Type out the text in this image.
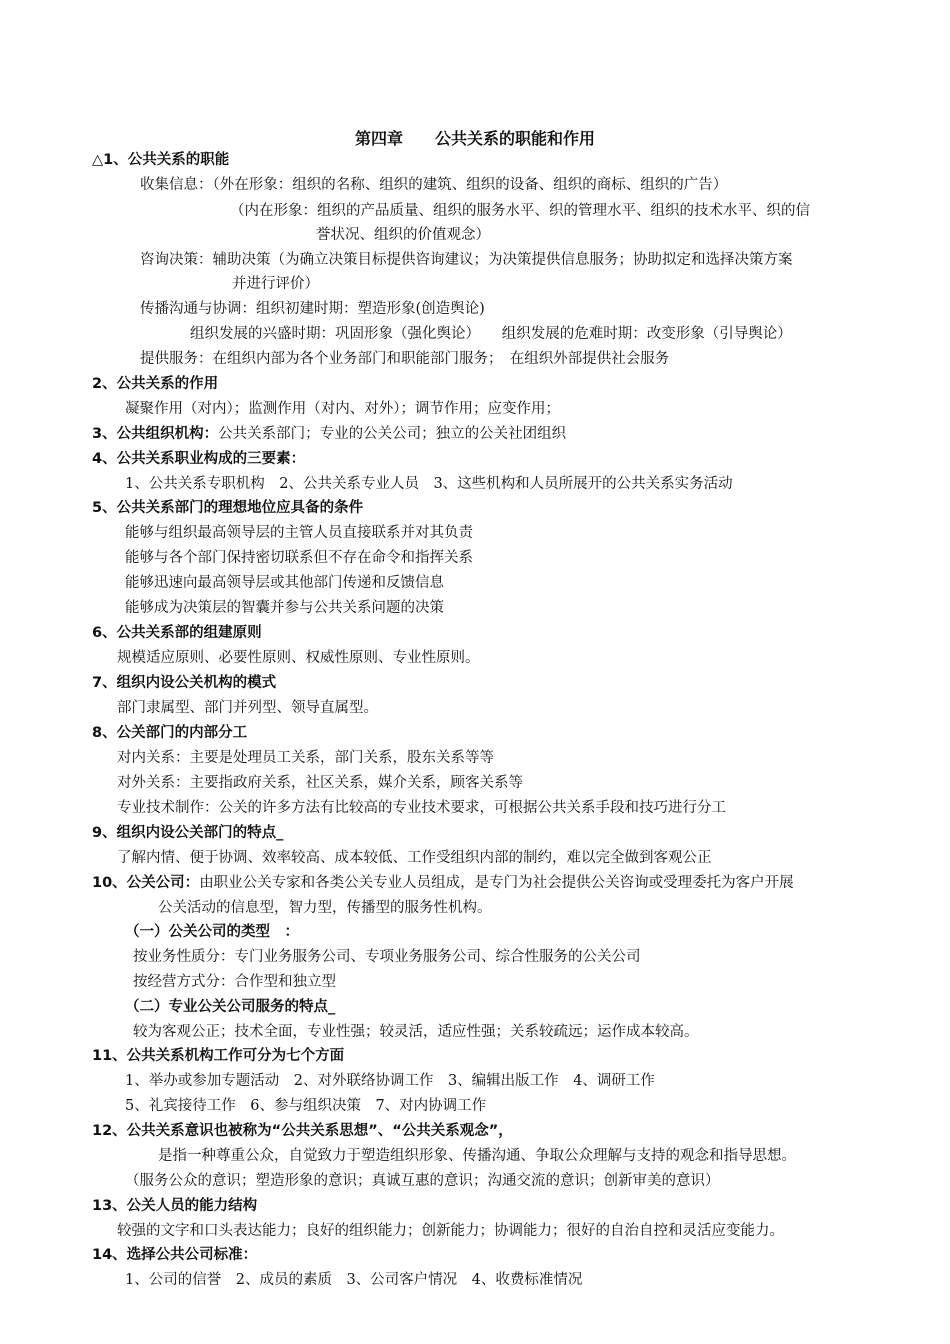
第四章　　公共关系的职能和作用
△1、公共关系的职能
收集信息：（外在形象：组织的名称、组织的建筑、组织的设备、组织的商标、组织的广告）
（内在形象：组织的产品质量、组织的服务水平、织的管理水平、组织的技术水平、织的信
誉状况、组织的价值观念）
咨询决策：辅助决策（为确立决策目标提供咨询建议；为决策提供信息服务；协助拟定和选择决策方案
并进行评价）
传播沟通与协调：组织初建时期：塑造形象(创造舆论)
组织发展的兴盛时期：巩固形象（强化舆论）　　组织发展的危难时期：改变形象（引导舆论）
提供服务：在组织内部为各个业务部门和职能部门服务；　在组织外部提供社会服务
2、公共关系的作用
凝聚作用（对内）；监测作用（对内、对外）；调节作用；应变作用；
3、公共组织机构：公共关系部门；专业的公关公司；独立的公关社团组织
4、公共关系职业构成的三要素：
1、公共关系专职机构　2、公共关系专业人员　3、这些机构和人员所展开的公共关系实务活动
5、公共关系部门的理想地位应具备的条件
能够与组织最高领导层的主管人员直接联系并对其负责
能够与各个部门保持密切联系但不存在命令和指挥关系
能够迅速向最高领导层或其他部门传递和反馈信息
能够成为决策层的智囊并参与公共关系问题的决策
6、公共关系部的组建原则
规模适应原则、必要性原则、权威性原则、专业性原则。
7、组织内设公关机构的模式
部门隶属型、部门并列型、领导直属型。
8、公关部门的内部分工
对内关系：主要是处理员工关系，部门关系，股东关系等等
对外关系：主要指政府关系，社区关系，媒介关系，顾客关系等
专业技术制作：公关的许多方法有比较高的专业技术要求，可根据公共关系手段和技巧进行分工
9、组织内设公关部门的特点_
了解内情、便于协调、效率较高、成本较低、工作受组织内部的制约，难以完全做到客观公正
10、公关公司：由职业公关专家和各类公关专业人员组成，是专门为社会提供公关咨询或受理委托为客户开展
公关活动的信息型，智力型，传播型的服务性机构。
（一）公关公司的类型　：
按业务性质分：专门业务服务公司、专项业务服务公司、综合性服务的公关公司
按经营方式分：合作型和独立型
（二）专业公关公司服务的特点_
较为客观公正；技术全面，专业性强；较灵活，适应性强；关系较疏远；运作成本较高。
11、公共关系机构工作可分为七个方面
1、举办或参加专题活动　2、对外联络协调工作　3、编辑出版工作　4、调研工作
5、礼宾接待工作　6、参与组织决策　7、对内协调工作
12、公共关系意识也被称为“公共关系思想”、“公共关系观念”，
是指一种尊重公众，自觉致力于塑造组织形象、传播沟通、争取公众理解与支持的观念和指导思想。
（服务公众的意识；塑造形象的意识；真诚互惠的意识；沟通交流的意识；创新审美的意识）
13、公关人员的能力结构
较强的文字和口头表达能力；良好的组织能力；创新能力；协调能力；很好的自治自控和灵活应变能力。
14、选择公共公司标准：
1、公司的信誉　2、成员的素质　3、公司客户情况　4、收费标准情况
